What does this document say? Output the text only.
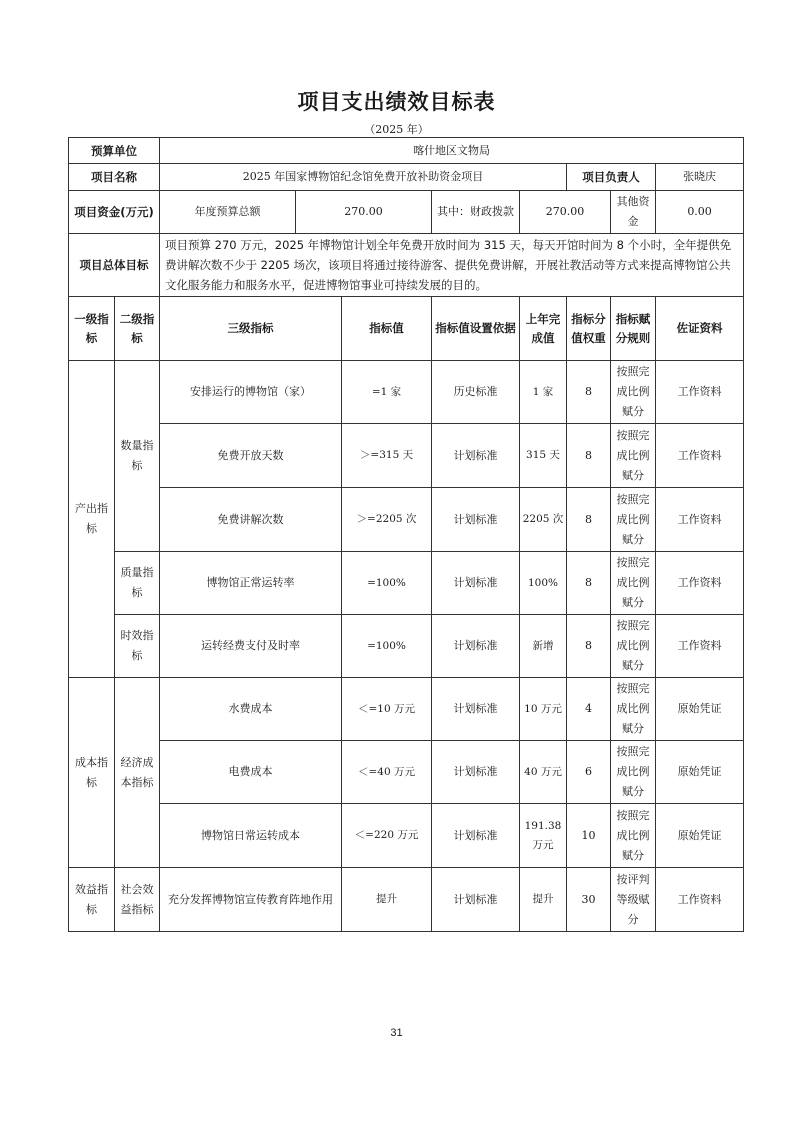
项目支出绩效目标表
（2025 年）
预算单位		喀什地区文物局							
项目名称		2025 年国家博物馆纪念馆免费开放补助资金项目					项目负责人		张晓庆
项目资金(万元)		年度预算总额	270.00		其中：财政拨款	270.00		其他资金	0.00
项目总体目标		项目预算 270 万元，2025 年博物馆计划全年免费开放时间为 315 天，每天开馆时间为 8 个小时，全年提供免费讲解次数不少于 2205 场次，该项目将通过接待游客、提供免费讲解，开展社教活动等方式来提高博物馆公共文化服务能力和服务水平，促进博物馆事业可持续发展的目的。							
一级指标	二级指标	三级指标		指标值	指标值设置依据	上年完成值	指标分值权重	指标赋分规则	佐证资料
产出指标	数量指标	安排运行的博物馆（家）		=1 家	历史标准	1 家	8	按照完成比例赋分	工作资料
		免费开放天数		＞=315 天	计划标准	315 天	8	按照完成比例赋分	工作资料
		免费讲解次数		＞=2205 次	计划标准	2205 次	8	按照完成比例赋分	工作资料
	质量指标	博物馆正常运转率		=100%	计划标准	100%	8	按照完成比例赋分	工作资料
	时效指标	运转经费支付及时率		=100%	计划标准	新增	8	按照完成比例赋分	工作资料
成本指标	经济成本指标	水费成本		＜=10 万元	计划标准	10 万元	4	按照完成比例赋分	原始凭证
		电费成本		＜=40 万元	计划标准	40 万元	6	按照完成比例赋分	原始凭证
		博物馆日常运转成本		＜=220 万元	计划标准	191.38 万元	10	按照完成比例赋分	原始凭证
效益指标	社会效益指标	充分发挥博物馆宣传教育阵地作用		提升	计划标准	提升	30	按评判等级赋分	工作资料
31
